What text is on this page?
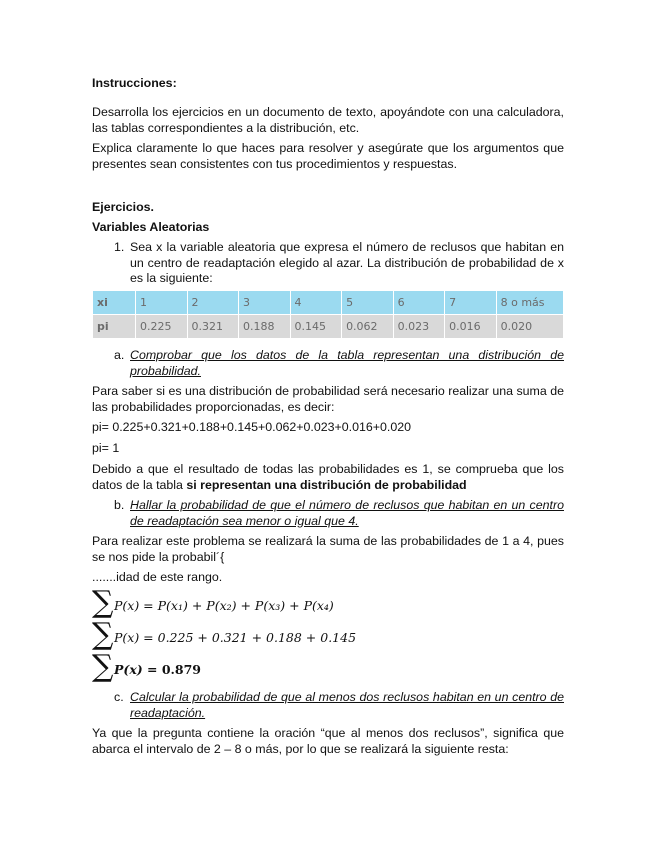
Instrucciones:
Desarrolla los ejercicios en un documento de texto, apoyándote con una calculadora, las tablas correspondientes a la distribución, etc.
Explica claramente lo que haces para resolver y asegúrate que los argumentos que presentes sean consistentes con tus procedimientos y respuestas.
Ejercicios.
Variables Aleatorias
1. Sea x la variable aleatoria que expresa el número de reclusos que habitan en un centro de readaptación elegido al azar. La distribución de probabilidad de x es la siguiente:
xi	1	2	3	4	5	6	7	8 o más
pi	0.225	0.321	0.188	0.145	0.062	0.023	0.016	0.020
a. Comprobar que los datos de la tabla representan una distribución de probabilidad.
Para saber si es una distribución de probabilidad será necesario realizar una suma de las probabilidades proporcionadas, es decir:
pi= 0.225+0.321+0.188+0.145+0.062+0.023+0.016+0.020
pi= 1
Debido a que el resultado de todas las probabilidades es 1, se comprueba que los datos de la tabla si representan una distribución de probabilidad
b. Hallar la probabilidad de que el número de reclusos que habitan en un centro de readaptación sea menor o igual que 4.
Para realizar este problema se realizará la suma de las probabilidades de 1 a 4, pues se nos pide la probabil´{
.......idad de este rango.
∑ P(x) = P(x₁) + P(x₂) + P(x₃) + P(x₄)
∑ P(x) = 0.225 + 0.321 + 0.188 + 0.145
∑ P(x) = 0.879
c. Calcular la probabilidad de que al menos dos reclusos habitan en un centro de readaptación.
Ya que la pregunta contiene la oración “que al menos dos reclusos”, significa que abarca el intervalo de 2 – 8 o más, por lo que se realizará la siguiente resta:
